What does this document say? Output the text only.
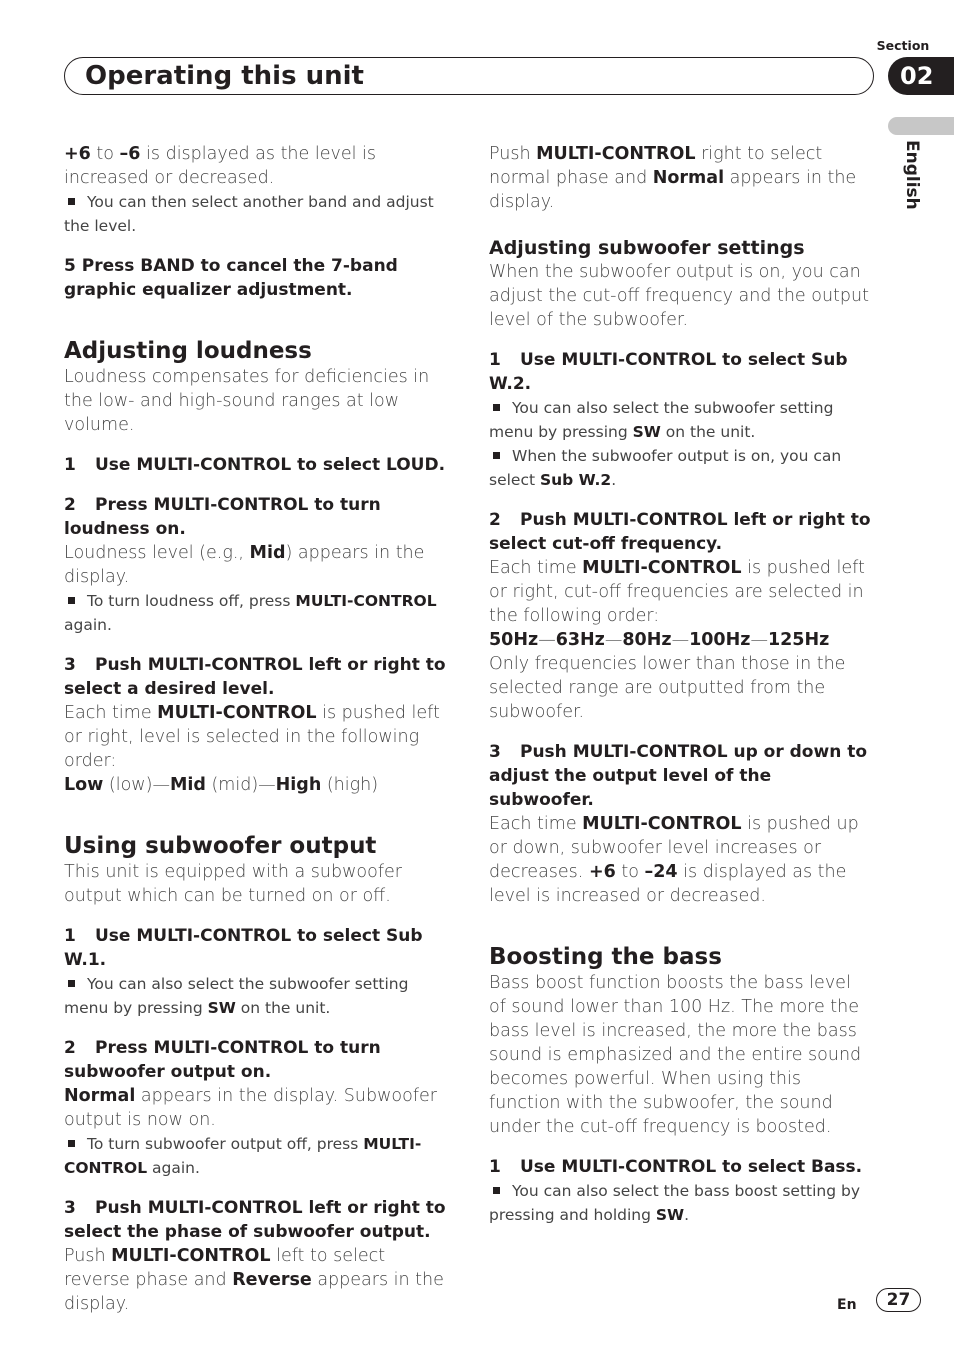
Section
Operating this unit	02
English

+6 to –6 is displayed as the level is increased or decreased.

You can then select another band and adjust the level.

5 Press BAND to cancel the 7-band graphic equalizer adjustment.

Adjusting loudness

Loudness compensates for deficiencies in the low- and high-sound ranges at low volume.

1 Use MULTI-CONTROL to select LOUD.

2 Press MULTI-CONTROL to turn loudness on.

Loudness level (e.g., Mid) appears in the display.

To turn loudness off, press MULTI-CONTROL again.

3 Push MULTI-CONTROL left or right to select a desired level.

Each time MULTI-CONTROL is pushed left or right, level is selected in the following order:

Low (low)—Mid (mid)—High (high)

Using subwoofer output

This unit is equipped with a subwoofer output which can be turned on or off.

1 Use MULTI-CONTROL to select Sub W.1.

You can also select the subwoofer setting menu by pressing SW on the unit.

2 Press MULTI-CONTROL to turn subwoofer output on.

Normal appears in the display. Subwoofer output is now on.

To turn subwoofer output off, press MULTI-CONTROL again.

3 Push MULTI-CONTROL left or right to select the phase of subwoofer output.

Push MULTI-CONTROL left to select reverse phase and Reverse appears in the display.

Push MULTI-CONTROL right to select normal phase and Normal appears in the display.

Adjusting subwoofer settings

When the subwoofer output is on, you can adjust the cut-off frequency and the output level of the subwoofer.

1 Use MULTI-CONTROL to select Sub W.2.

You can also select the subwoofer setting menu by pressing SW on the unit.

When the subwoofer output is on, you can select Sub W.2.

2 Push MULTI-CONTROL left or right to select cut-off frequency.

Each time MULTI-CONTROL is pushed left or right, cut-off frequencies are selected in the following order:

50Hz—63Hz—80Hz—100Hz—125Hz

Only frequencies lower than those in the selected range are outputted from the subwoofer.

3 Push MULTI-CONTROL up or down to adjust the output level of the subwoofer.

Each time MULTI-CONTROL is pushed up or down, subwoofer level increases or decreases. +6 to –24 is displayed as the level is increased or decreased.

Boosting the bass

Bass boost function boosts the bass level of sound lower than 100 Hz. The more the bass level is increased, the more the bass sound is emphasized and the entire sound becomes powerful. When using this function with the subwoofer, the sound under the cut-off frequency is boosted.

1 Use MULTI-CONTROL to select Bass.

You can also select the bass boost setting by pressing and holding SW.

En	27
